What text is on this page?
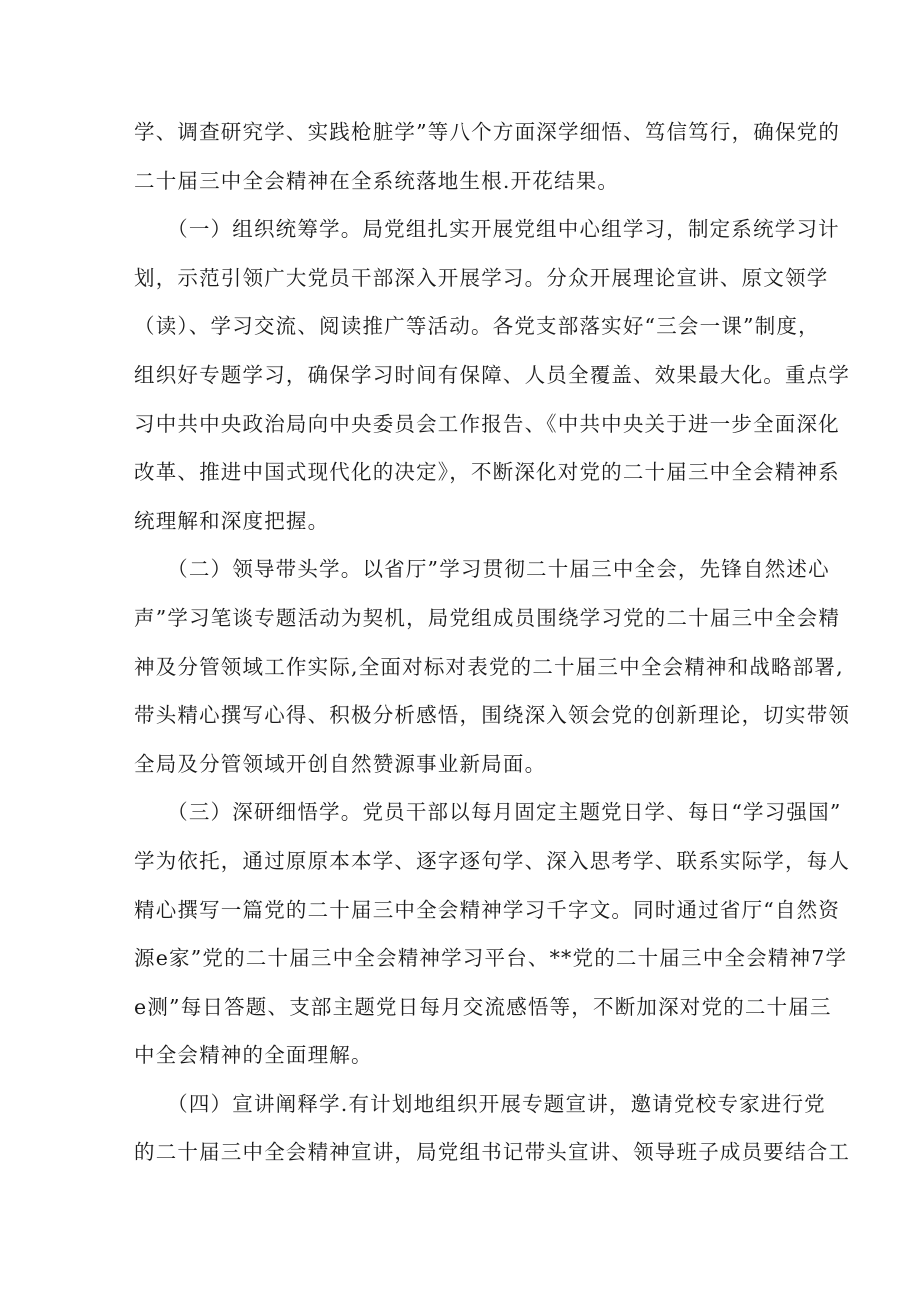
学、调查研究学、实践枪脏学”等八个方面深学细悟、笃信笃行，确保党的
二十届三中全会精神在全系统落地生根.开花结果。
　　（一）组织统筹学。局党组扎实开展党组中心组学习，制定系统学习计
划，示范引领广大党员干部深入开展学习。分众开展理论宣讲、原文领学
（读）、学习交流、阅读推广等活动。各党支部落实好“三会一课”制度，
组织好专题学习，确保学习时间有保障、人员全覆盖、效果最大化。重点学
习中共中央政治局向中央委员会工作报告、《中共中央关于进一步全面深化
改革、推进中国式现代化的决定》，不断深化对党的二十届三中全会精神系
统理解和深度把握。
　　（二）领导带头学。以省厅”学习贯彻二十届三中全会，先锋自然述心
声”学习笔谈专题活动为契机，局党组成员围绕学习党的二十届三中全会精
神及分管领域工作实际,全面对标对表党的二十届三中全会精神和战略部署,
带头精心撰写心得、积极分析感悟，围绕深入领会党的创新理论，切实带领
全局及分管领域开创自然赞源事业新局面。
　　（三）深研细悟学。党员干部以每月固定主题党日学、每日“学习强国”
学为依托，通过原原本本学、逐字逐句学、深入思考学、联系实际学，每人
精心撰写一篇党的二十届三中全会精神学习千字文。同时通过省厅“自然资
源e家”党的二十届三中全会精神学习平台、**党的二十届三中全会精神7学
e测”每日答题、支部主题党日每月交流感悟等，不断加深对党的二十届三
中全会精神的全面理解。
　　（四）宣讲阐释学.有计划地组织开展专题宣讲，邀请党校专家进行党
的二十届三中全会精神宣讲，局党组书记带头宣讲、领导班子成员要结合工
